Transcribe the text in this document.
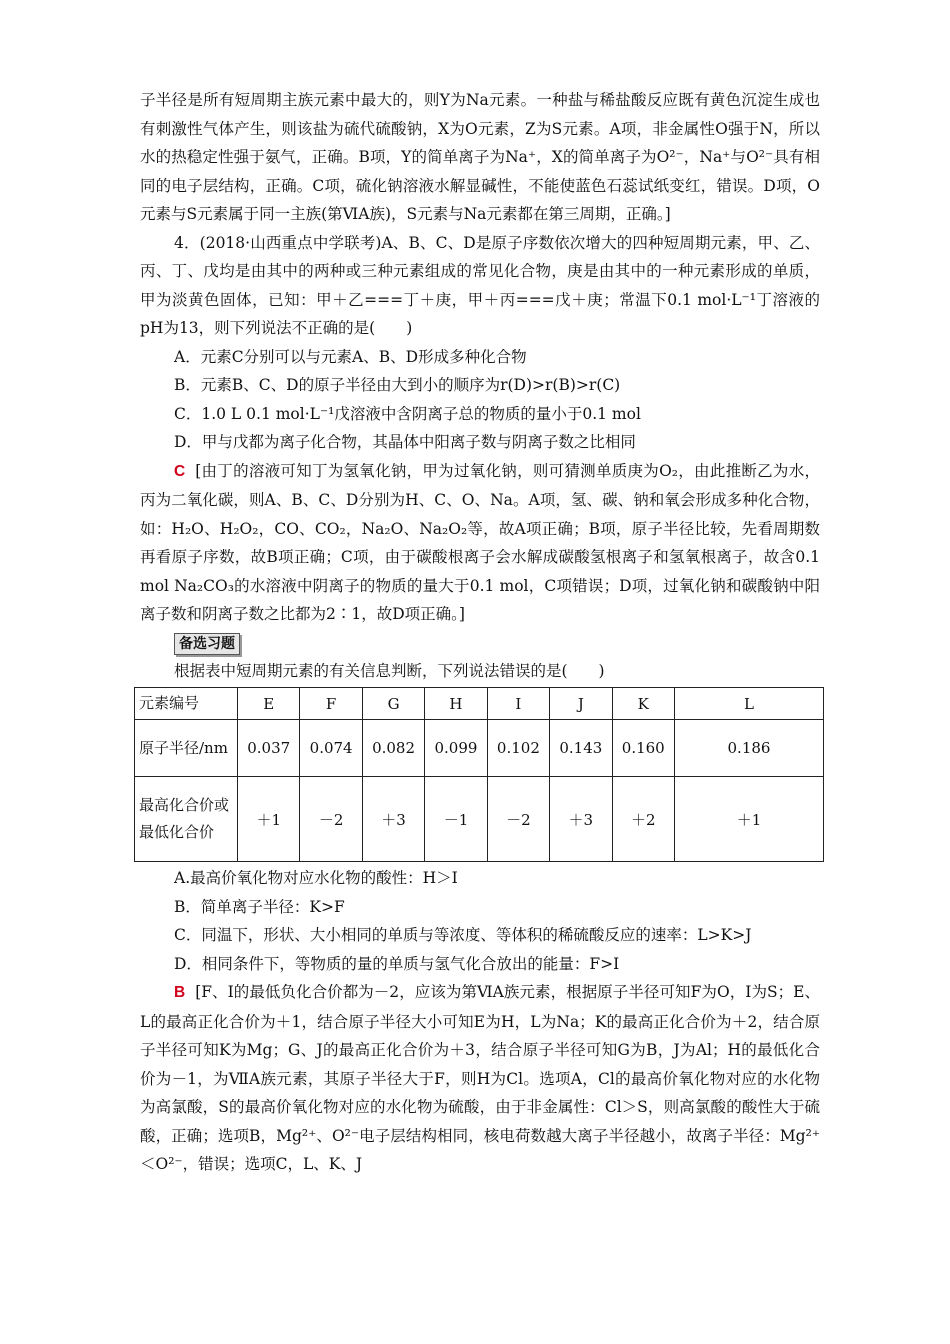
子半径是所有短周期主族元素中最大的，则Y为Na元素。一种盐与稀盐酸反应既有黄色沉淀生成也有刺激性气体产生，则该盐为硫代硫酸钠，X为O元素，Z为S元素。A项，非金属性O强于N，所以水的热稳定性强于氨气，正确。B项，Y的简单离子为Na⁺，X的简单离子为O²⁻，Na⁺与O²⁻具有相同的电子层结构，正确。C项，硫化钠溶液水解显碱性，不能使蓝色石蕊试纸变红，错误。D项，O元素与S元素属于同一主族(第ⅥA族)，S元素与Na元素都在第三周期，正确。]

4．(2018·山西重点中学联考)A、B、C、D是原子序数依次增大的四种短周期元素，甲、乙、丙、丁、戊均是由其中的两种或三种元素组成的常见化合物，庚是由其中的一种元素形成的单质，甲为淡黄色固体，已知：甲＋乙===丁＋庚，甲＋丙===戊＋庚；常温下0.1 mol·L⁻¹丁溶液的pH为13，则下列说法不正确的是(　　)

A．元素C分别可以与元素A、B、D形成多种化合物

B．元素B、C、D的原子半径由大到小的顺序为r(D)>r(B)>r(C)

C．1.0 L 0.1 mol·L⁻¹戊溶液中含阴离子总的物质的量小于0.1 mol

D．甲与戊都为离子化合物，其晶体中阳离子数与阴离子数之比相同

C [由丁的溶液可知丁为氢氧化钠，甲为过氧化钠，则可猜测单质庚为O₂，由此推断乙为水，丙为二氧化碳，则A、B、C、D分别为H、C、O、Na。A项，氢、碳、钠和氧会形成多种化合物，如：H₂O、H₂O₂，CO、CO₂，Na₂O、Na₂O₂等，故A项正确；B项，原子半径比较，先看周期数再看原子序数，故B项正确；C项，由于碳酸根离子会水解成碳酸氢根离子和氢氧根离子，故含0.1 mol Na₂CO₃的水溶液中阴离子的物质的量大于0.1 mol，C项错误；D项，过氧化钠和碳酸钠中阳离子数和阴离子数之比都为2∶1，故D项正确。]

备选习题

根据表中短周期元素的有关信息判断，下列说法错误的是(　　)

元素编号	E	F	G	H	I	J	K	L
原子半径/nm	0.037	0.074	0.082	0.099	0.102	0.143	0.160	0.186
最高化合价或最低化合价	＋1	－2	＋3	－1	－2	＋3	＋2	＋1

A.最高价氧化物对应水化物的酸性：H＞I

B．简单离子半径：K>F

C．同温下，形状、大小相同的单质与等浓度、等体积的稀硫酸反应的速率：L>K>J

D．相同条件下，等物质的量的单质与氢气化合放出的能量：F>I

B [F、I的最低负化合价都为－2，应该为第ⅥA族元素，根据原子半径可知F为O，I为S；E、L的最高正化合价为＋1，结合原子半径大小可知E为H，L为Na；K的最高正化合价为＋2，结合原子半径可知K为Mg；G、J的最高正化合价为＋3，结合原子半径可知G为B，J为Al；H的最低化合价为－1，为ⅦA族元素，其原子半径大于F，则H为Cl。选项A，Cl的最高价氧化物对应的水化物为高氯酸，S的最高价氧化物对应的水化物为硫酸，由于非金属性：Cl＞S，则高氯酸的酸性大于硫酸，正确；选项B，Mg²⁺、O²⁻电子层结构相同，核电荷数越大离子半径越小，故离子半径：Mg²⁺＜O²⁻，错误；选项C，L、K、J
